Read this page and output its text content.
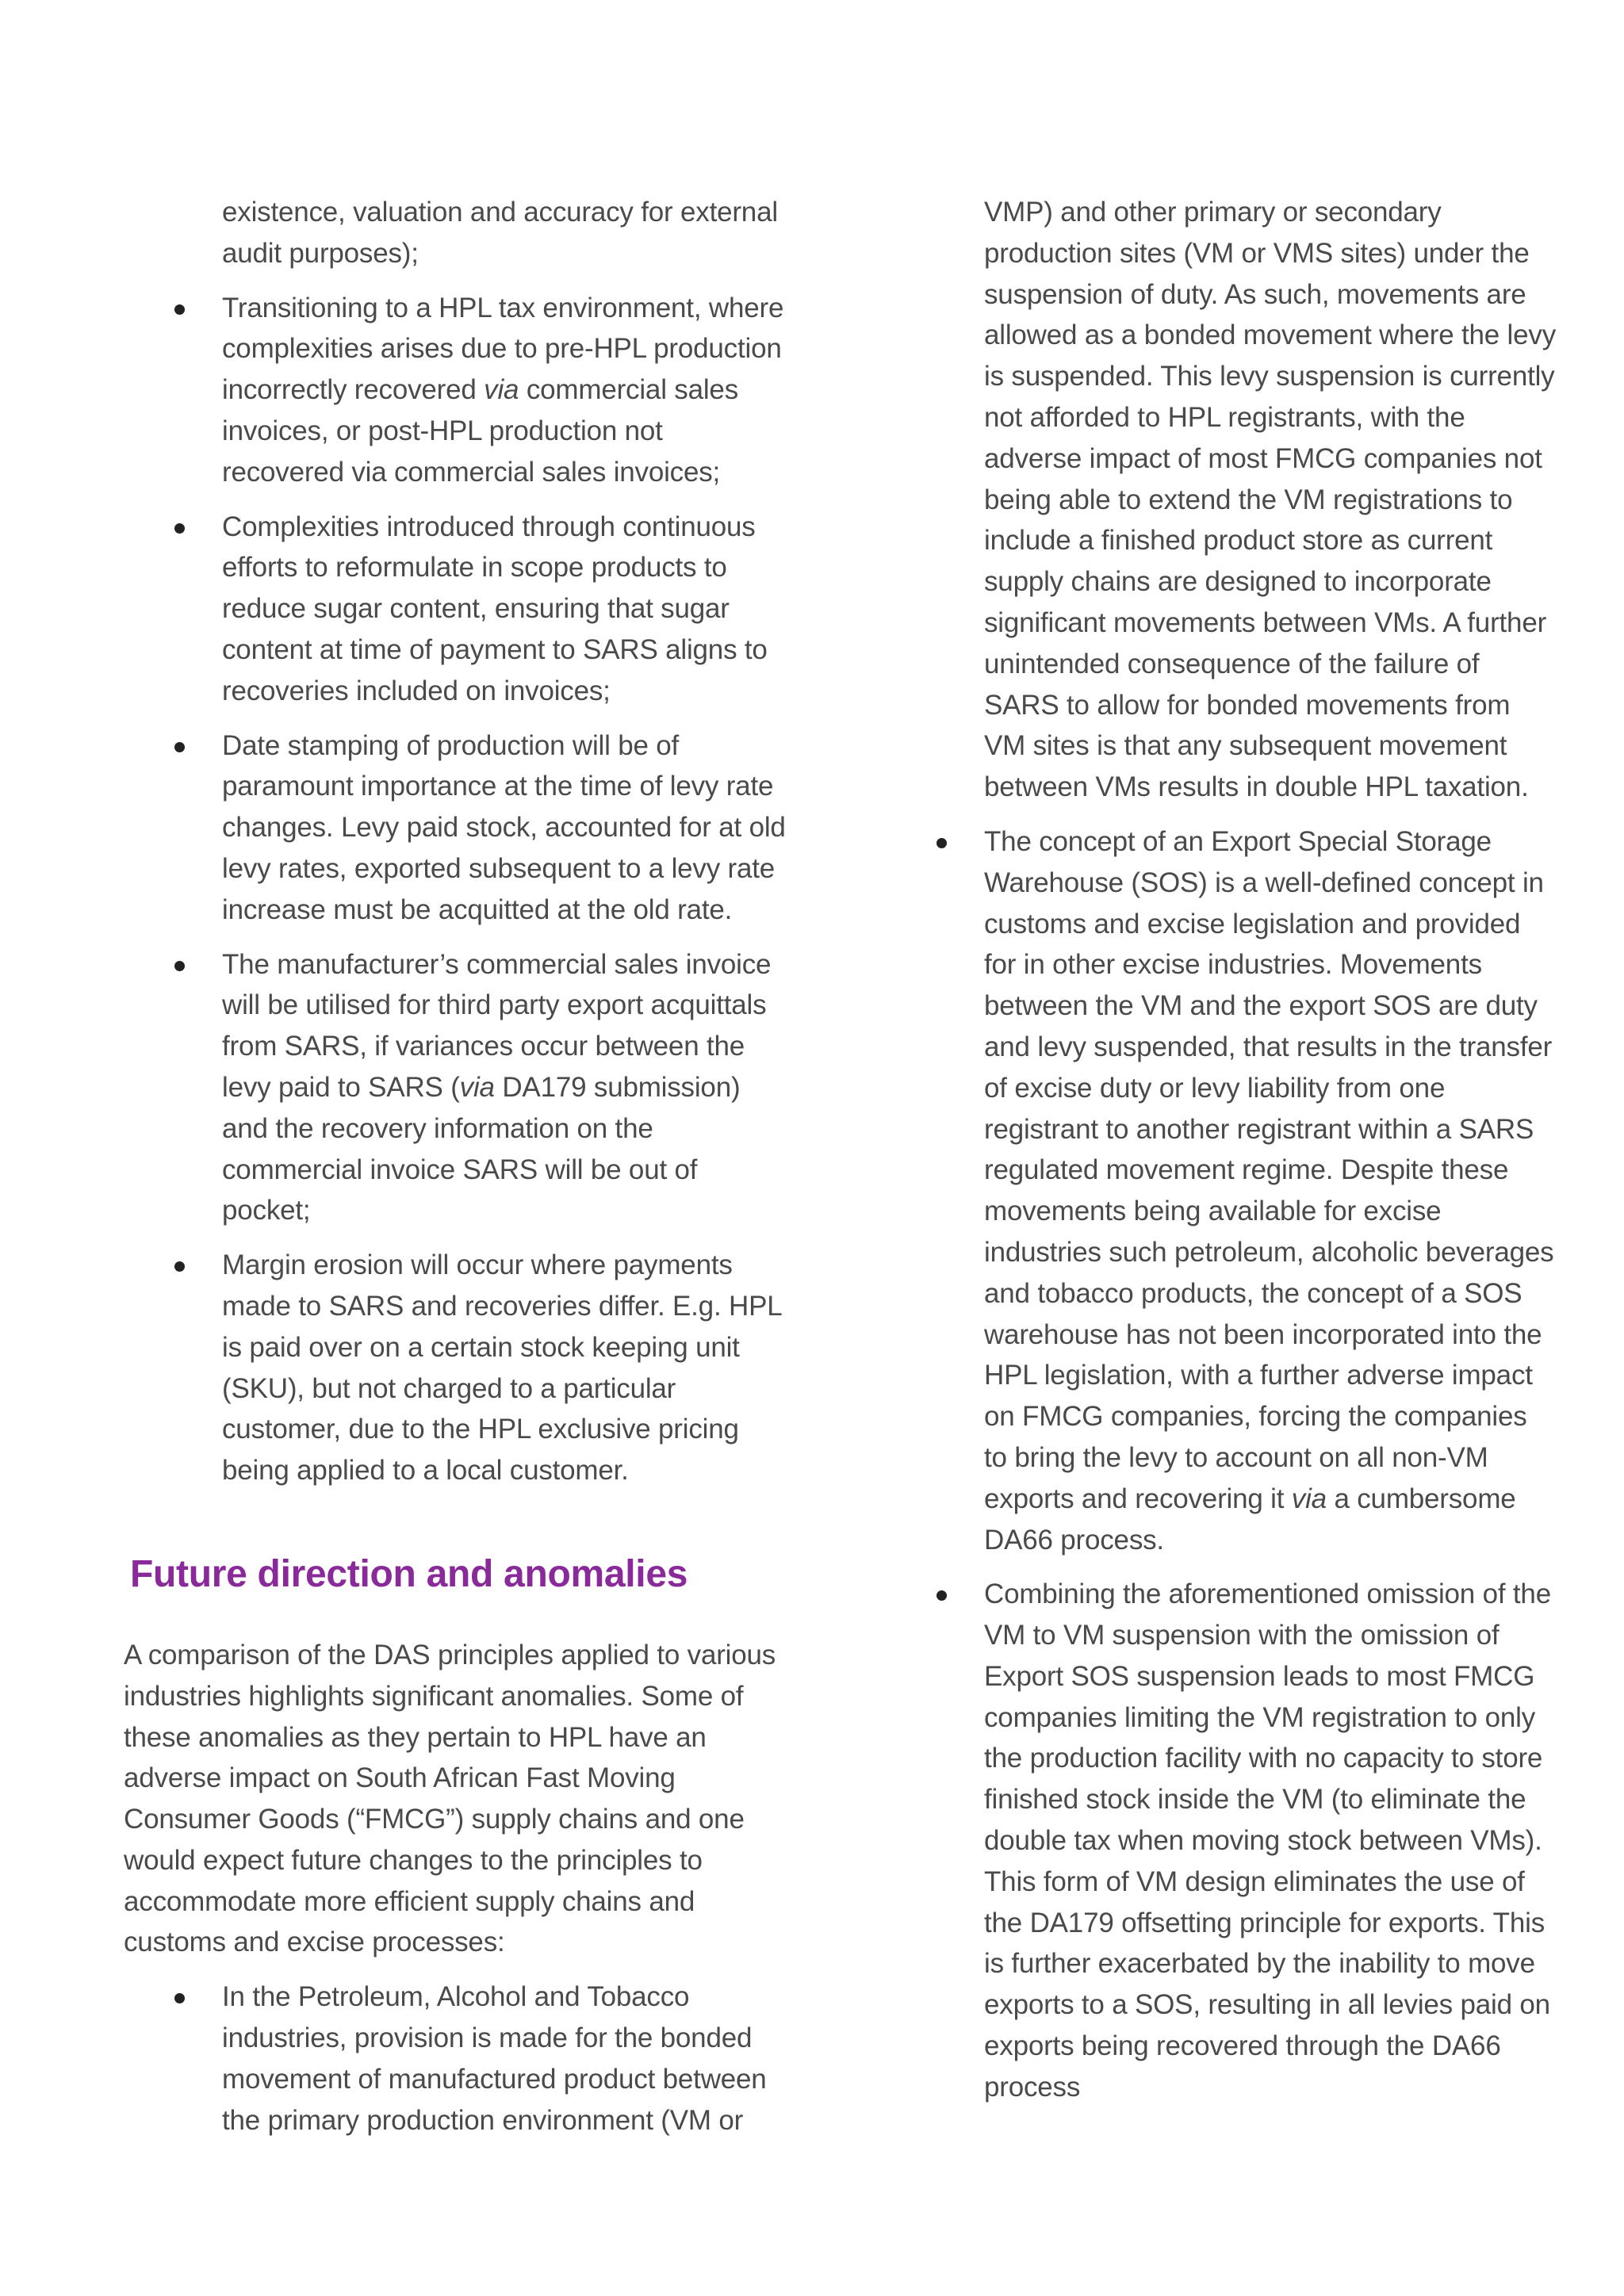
existence, valuation and accuracy for external audit purposes);

Transitioning to a HPL tax environment, where complexities arises due to pre-HPL production incorrectly recovered via commercial sales invoices, or post-HPL production not recovered via commercial sales invoices;
Complexities introduced through continuous efforts to reformulate in scope products to reduce sugar content, ensuring that sugar content at time of payment to SARS aligns to recoveries included on invoices;
Date stamping of production will be of paramount importance at the time of levy rate changes. Levy paid stock, accounted for at old levy rates, exported subsequent to a levy rate increase must be acquitted at the old rate.
The manufacturer’s commercial sales invoice will be utilised for third party export acquittals from SARS, if variances occur between the levy paid to SARS (via DA179 submission) and the recovery information on the commercial invoice SARS will be out of pocket;
Margin erosion will occur where payments made to SARS and recoveries differ. E.g. HPL is paid over on a certain stock keeping unit (SKU), but not charged to a particular customer, due to the HPL exclusive pricing being applied to a local customer.
Future direction and anomalies

A comparison of the DAS principles applied to various industries highlights significant anomalies. Some of these anomalies as they pertain to HPL have an adverse impact on South African Fast Moving Consumer Goods (“FMCG”) supply chains and one would expect future changes to the principles to accommodate more efficient supply chains and customs and excise processes:

In the Petroleum, Alcohol and Tobacco industries, provision is made for the bonded movement of manufactured product between the primary production environment (VM or

VMP) and other primary or secondary production sites (VM or VMS sites) under the suspension of duty. As such, movements are allowed as a bonded movement where the levy is suspended. This levy suspension is currently not afforded to HPL registrants, with the adverse impact of most FMCG companies not being able to extend the VM registrations to include a finished product store as current supply chains are designed to incorporate significant movements between VMs. A further unintended consequence of the failure of SARS to allow for bonded movements from VM sites is that any subsequent movement between VMs results in double HPL taxation.

The concept of an Export Special Storage Warehouse (SOS) is a well-defined concept in customs and excise legislation and provided for in other excise industries. Movements between the VM and the export SOS are duty and levy suspended, that results in the transfer of excise duty or levy liability from one registrant to another registrant within a SARS regulated movement regime. Despite these movements being available for excise industries such petroleum, alcoholic beverages and tobacco products, the concept of a SOS warehouse has not been incorporated into the HPL legislation, with a further adverse impact on FMCG companies, forcing the companies to bring the levy to account on all non-VM exports and recovering it via a cumbersome DA66 process.
Combining the aforementioned omission of the VM to VM suspension with the omission of Export SOS suspension leads to most FMCG companies limiting the VM registration to only the production facility with no capacity to store finished stock inside the VM (to eliminate the double tax when moving stock between VMs). This form of VM design eliminates the use of the DA179 offsetting principle for exports. This is further exacerbated by the inability to move exports to a SOS, resulting in all levies paid on exports being recovered through the DA66 process
